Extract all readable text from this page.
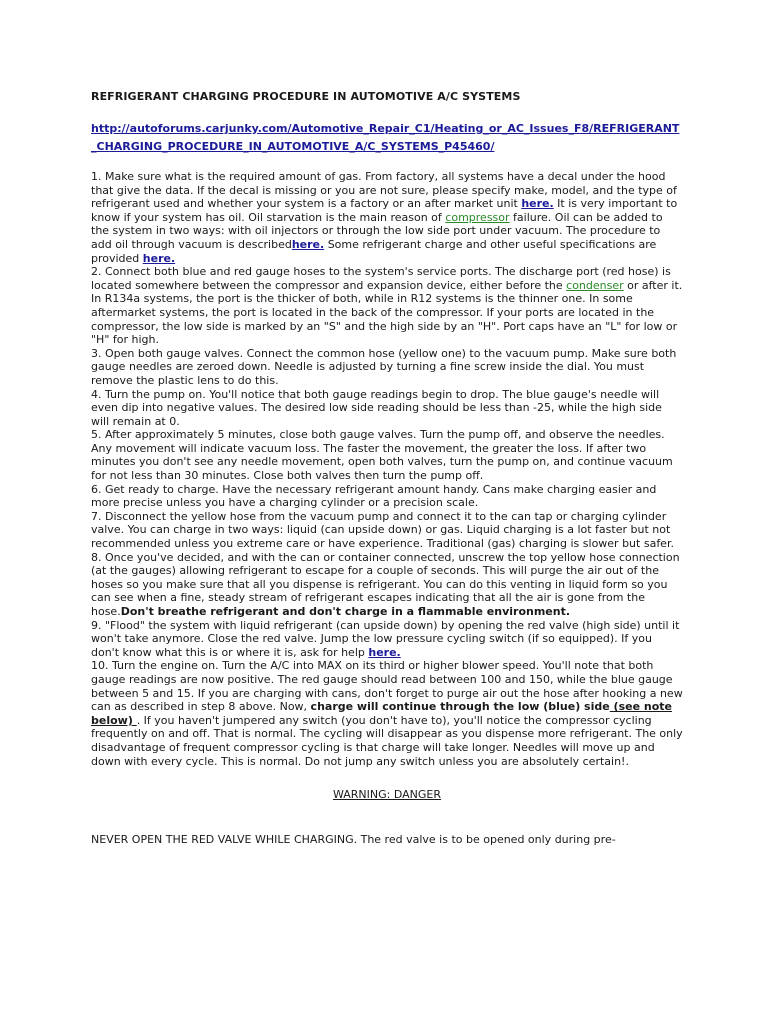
REFRIGERANT CHARGING PROCEDURE IN AUTOMOTIVE A/C SYSTEMS
http://autoforums.carjunky.com/Automotive_Repair_C1/Heating_or_AC_Issues_F8/REFRIGERANT_CHARGING_PROCEDURE_IN_AUTOMOTIVE_A/C_SYSTEMS_P45460/

1. Make sure what is the required amount of gas. From factory, all systems have a decal under the hood that give the data. If the decal is missing or you are not sure, please specify make, model, and the type of refrigerant used and whether your system is a factory or an after market unit here. It is very important to know if your system has oil. Oil starvation is the main reason of compressor failure. Oil can be added to the system in two ways: with oil injectors or through the low side port under vacuum. The procedure to add oil through vacuum is describedhere. Some refrigerant charge and other useful specifications are provided here.

2. Connect both blue and red gauge hoses to the system's service ports. The discharge port (red hose) is located somewhere between the compressor and expansion device, either before the condenser or after it. In R134a systems, the port is the thicker of both, while in R12 systems is the thinner one. In some aftermarket systems, the port is located in the back of the compressor. If your ports are located in the compressor, the low side is marked by an "S" and the high side by an "H". Port caps have an "L" for low or "H" for high.

3. Open both gauge valves. Connect the common hose (yellow one) to the vacuum pump. Make sure both gauge needles are zeroed down. Needle is adjusted by turning a fine screw inside the dial. You must remove the plastic lens to do this.

4. Turn the pump on. You'll notice that both gauge readings begin to drop. The blue gauge's needle will even dip into negative values. The desired low side reading should be less than -25, while the high side will remain at 0.

5. After approximately 5 minutes, close both gauge valves. Turn the pump off, and observe the needles. Any movement will indicate vacuum loss. The faster the movement, the greater the loss. If after two minutes you don't see any needle movement, open both valves, turn the pump on, and continue vacuum for not less than 30 minutes. Close both valves then turn the pump off.

6. Get ready to charge. Have the necessary refrigerant amount handy. Cans make charging easier and more precise unless you have a charging cylinder or a precision scale.

7. Disconnect the yellow hose from the vacuum pump and connect it to the can tap or charging cylinder valve. You can charge in two ways: liquid (can upside down) or gas. Liquid charging is a lot faster but not recommended unless you extreme care or have experience. Traditional (gas) charging is slower but safer.

8. Once you've decided, and with the can or container connected, unscrew the top yellow hose connection (at the gauges) allowing refrigerant to escape for a couple of seconds. This will purge the air out of the hoses so you make sure that all you dispense is refrigerant. You can do this venting in liquid form so you can see when a fine, steady stream of refrigerant escapes indicating that all the air is gone from the hose.Don't breathe refrigerant and don't charge in a flammable environment.

9. "Flood" the system with liquid refrigerant (can upside down) by opening the red valve (high side) until it won't take anymore. Close the red valve. Jump the low pressure cycling switch (if so equipped). If you don't know what this is or where it is, ask for help here.

10. Turn the engine on. Turn the A/C into MAX on its third or higher blower speed. You'll note that both gauge readings are now positive. The red gauge should read between 100 and 150, while the blue gauge between 5 and 15. If you are charging with cans, don't forget to purge air out the hose after hooking a new can as described in step 8 above. Now, charge will continue through the low (blue) side (see note below) . If you haven't jumpered any switch (you don't have to), you'll notice the compressor cycling frequently on and off. That is normal. The cycling will disappear as you dispense more refrigerant. The only disadvantage of frequent compressor cycling is that charge will take longer. Needles will move up and down with every cycle. This is normal. Do not jump any switch unless you are absolutely certain!.

WARNING: DANGER
NEVER OPEN THE RED VALVE WHILE CHARGING. The red valve is to be opened only during pre-
